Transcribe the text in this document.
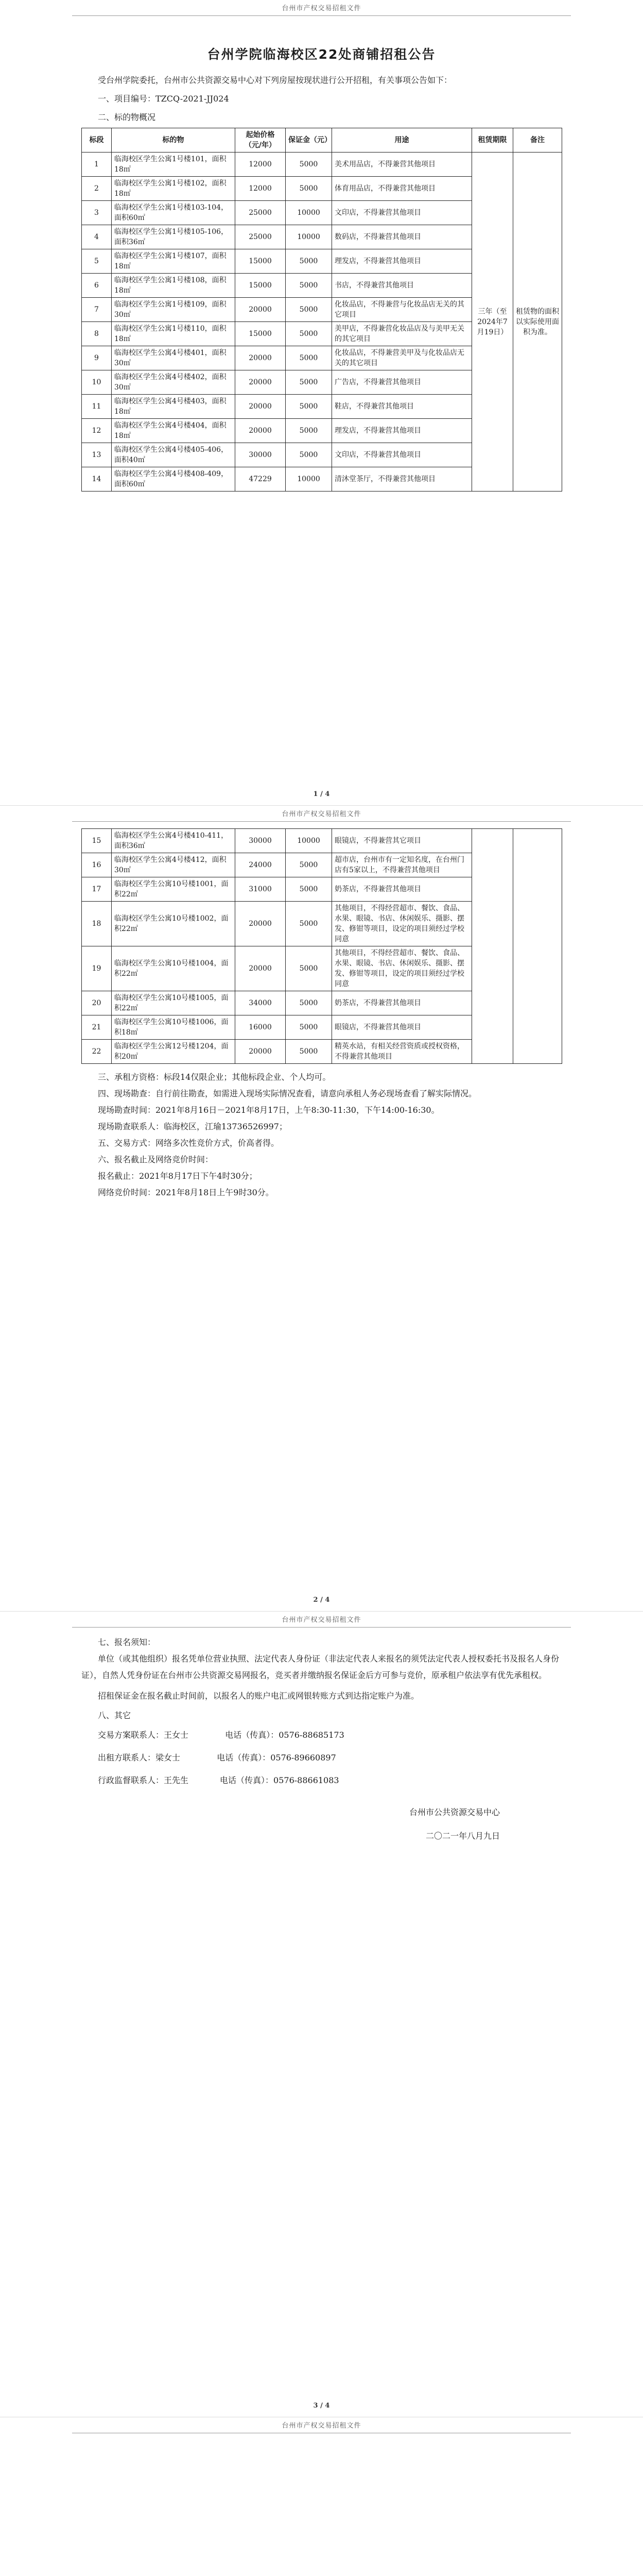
台州市产权交易招租文件
台州学院临海校区22处商铺招租公告

受台州学院委托，台州市公共资源交易中心对下列房屋按现状进行公开招租，有关事项公告如下：

一、项目编号：TZCQ-2021-JJ024

二、标的物概况

标段	标的物	起始价格（元/年）	保证金（元）	用途	租赁期限	备注
1	临海校区学生公寓1号楼101，面积18㎡	12000	5000	美术用品店，不得兼营其他项目	三年（至2024年7月19日）	租赁物的面积以实际使用面积为准。
2	临海校区学生公寓1号楼102，面积18㎡	12000	5000	体育用品店，不得兼营其他项目		
3	临海校区学生公寓1号楼103-104，面积60㎡	25000	10000	文印店，不得兼营其他项目		
4	临海校区学生公寓1号楼105-106，面积36㎡	25000	10000	数码店，不得兼营其他项目		
5	临海校区学生公寓1号楼107，面积18㎡	15000	5000	理发店，不得兼营其他项目		
6	临海校区学生公寓1号楼108，面积18㎡	15000	5000	书店，不得兼营其他项目		
7	临海校区学生公寓1号楼109，面积30㎡	20000	5000	化妆品店，不得兼营与化妆品店无关的其它项目		
8	临海校区学生公寓1号楼110，面积18㎡	15000	5000	美甲店，不得兼营化妆品店及与美甲无关的其它项目		
9	临海校区学生公寓4号楼401，面积30㎡	20000	5000	化妆品店，不得兼营美甲及与化妆品店无关的其它项目		
10	临海校区学生公寓4号楼402，面积30㎡	20000	5000	广告店，不得兼营其他项目		
11	临海校区学生公寓4号楼403，面积18㎡	20000	5000	鞋店，不得兼营其他项目		
12	临海校区学生公寓4号楼404，面积18㎡	20000	5000	理发店，不得兼营其他项目		
13	临海校区学生公寓4号楼405-406，面积40㎡	30000	5000	文印店，不得兼营其他项目		
14	临海校区学生公寓4号楼408-409，面积60㎡	47229	10000	清沐堂茶厅，不得兼营其他项目		
1 / 4
台州市产权交易招租文件
15	临海校区学生公寓4号楼410-411，面积36㎡	30000	10000	眼镜店，不得兼营其它项目		
16	临海校区学生公寓4号楼412，面积30㎡	24000	5000	超市店，台州市有一定知名度，在台州门店有5家以上，不得兼营其他项目		
17	临海校区学生公寓10号楼1001，面积22㎡	31000	5000	奶茶店，不得兼营其他项目		
18	临海校区学生公寓10号楼1002，面积22㎡	20000	5000	其他项目，不得经营超市、餐饮、食品、水果、眼镜、书店、休闲娱乐、摄影、摆发、修钳等项目，设定的项目须经过学校同意		
19	临海校区学生公寓10号楼1004，面积22㎡	20000	5000	其他项目，不得经营超市、餐饮、食品、水果、眼镜、书店、休闲娱乐、摄影、摆发、修钳等项目，设定的项目须经过学校同意		
20	临海校区学生公寓10号楼1005，面积22㎡	34000	5000	奶茶店，不得兼营其他项目		
21	临海校区学生公寓10号楼1006，面积18㎡	16000	5000	眼镜店，不得兼营其他项目		
22	临海校区学生公寓12号楼1204，面积20㎡	20000	5000	精英水站，有相关经营资质或授权资格，不得兼营其他项目		

三、承租方资格：标段14仅限企业；其他标段企业、个人均可。

四、现场勘查：自行前往勘查，如需进入现场实际情况查看，请意向承租人务必现场查看了解实际情况。

现场勘查时间：2021年8月16日－2021年8月17日，上午8:30-11:30，下午14:00-16:30。

现场勘查联系人：临海校区，江瑜13736526997；

五、交易方式：网络多次性竞价方式，价高者得。

六、报名截止及网络竞价时间：

报名截止：2021年8月17日下午4时30分；

网络竞价时间：2021年8月18日上午9时30分。

2 / 4
台州市产权交易招租文件

七、报名须知：

单位（或其他组织）报名凭单位营业执照、法定代表人身份证（非法定代表人来报名的须凭法定代表人授权委托书及报名人身份证），自然人凭身份证在台州市公共资源交易网报名，竞买者并缴纳报名保证金后方可参与竞价，原承租户依法享有优先承租权。

招租保证金在报名截止时间前，以报名人的账户电汇或网银转账方式到达指定账户为准。

八、其它

交易方案联系人：王女士              电话（传真）：0576-88685173
出租方联系人：梁女士              电话（传真）：0576-89660897
行政监督联系人：王先生            电话（传真）：0576-88661083

台州市公共资源交易中心

二〇二一年八月九日

3 / 4
台州市产权交易招租文件
